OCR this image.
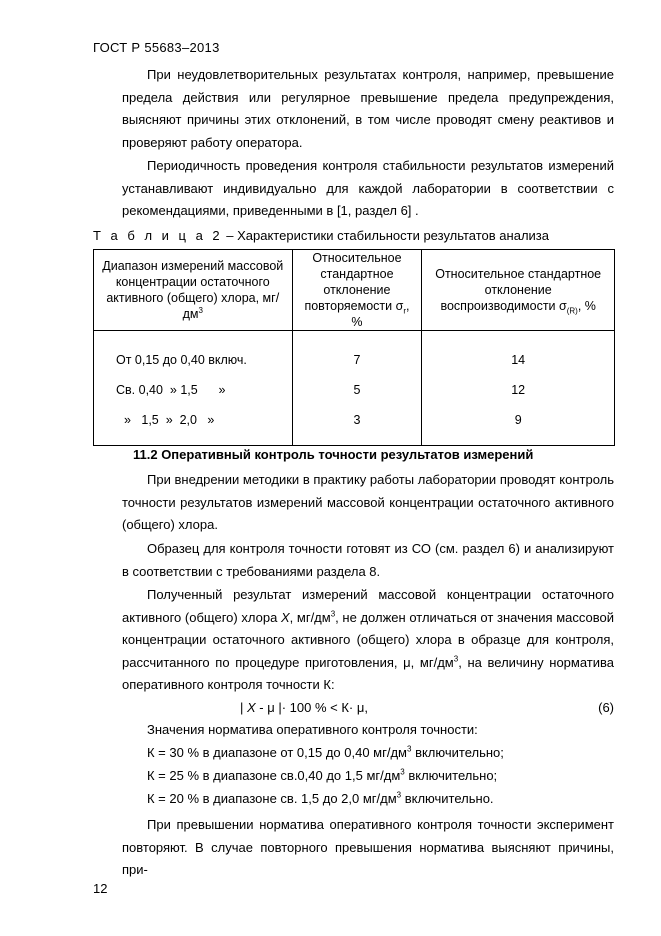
ГОСТ Р 55683–2013
При неудовлетворительных результатах контроля, например, превышение предела действия или регулярное превышение предела предупреждения, выясняют причины этих отклонений, в том числе проводят смену реактивов и проверяют работу оператора.
Периодичность проведения контроля стабильности результатов измерений устанавливают индивидуально для каждой лаборатории в соответствии с рекомендациями, приведенными в [1, раздел 6] .
Т а б л и ц а 2 – Характеристики стабильности результатов анализа
Диапазон измерений массовой концентрации остаточного активного (общего) хлора, $мг/дм^3$	Относительное стандартное отклонение повторяемости $\sigma_r$, %	Относительное стандартное отклонение воспроизводимости $\sigma_{(R)}$, %
От 0,15 до 0,40 включ.	7	14
Св. 0,40  » 1,5      »	5	12
»   1,5  »  2,0   »	3	9
11.2 Оперативный контроль точности результатов измерений
При внедрении методики в практику работы лаборатории проводят контроль точности результатов измерений массовой концентрации остаточного активного (общего) хлора.
Образец для контроля точности готовят из СО (см. раздел 6) и анализируют в соответствии с требованиями раздела 8.
Полученный результат измерений массовой концентрации остаточного активного (общего) хлора X, $мг/дм^3$, не должен отличаться от значения массовой концентрации остаточного активного (общего) хлора в образце для контроля, рассчитанного по процедуре приготовления, μ, $мг/дм^3$, на величину норматива оперативного контроля точности К:
| X - μ |· 100 % < К· μ,	(6)
Значения норматива оперативного контроля точности:
К = 30 % в диапазоне от 0,15 до 0,40 $мг/дм^3$ включительно;
К = 25 % в диапазоне св.0,40 до 1,5 $мг/дм^3$ включительно;
К = 20 % в диапазоне св. 1,5 до 2,0 $мг/дм^3$ включительно.
При превышении норматива оперативного контроля точности эксперимент повторяют. В случае повторного превышения норматива выясняют причины, при-
12
